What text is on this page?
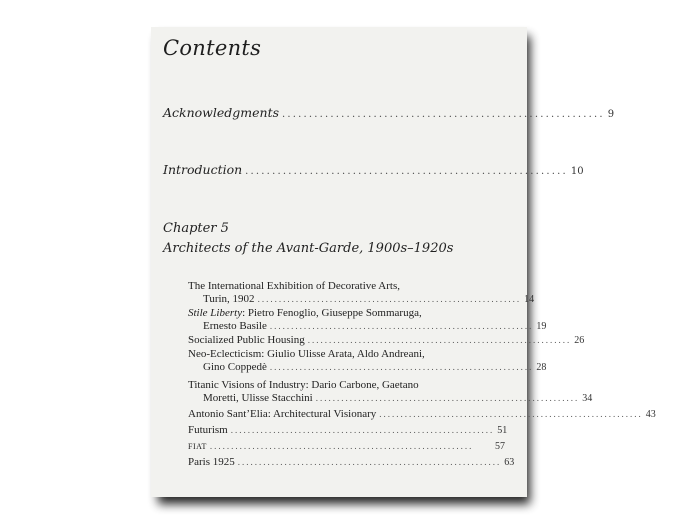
Contents
Acknowledgments ............................................................ 9
Introduction ............................................................ 10
Chapter 5
Architects of the Avant-Garde, 1900s–1920s
The International Exhibition of Decorative Arts,
Turin, 1902 .............................................................. 14
Stile Liberty: Pietro Fenoglio, Giuseppe Sommaruga,
Ernesto Basile .............................................................. 19
Socialized Public Housing .............................................................. 26
Neo-Eclecticism: Giulio Ulisse Arata, Aldo Andreani,
Gino Coppedè .............................................................. 28
Titanic Visions of Industry: Dario Carbone, Gaetano
Moretti, Ulisse Stacchini .............................................................. 34
Antonio Sant’Elia: Architectural Visionary .............................................................. 43
Futurism .............................................................. 51
FIAT ..............................................................	57
Paris 1925 .............................................................. 63
